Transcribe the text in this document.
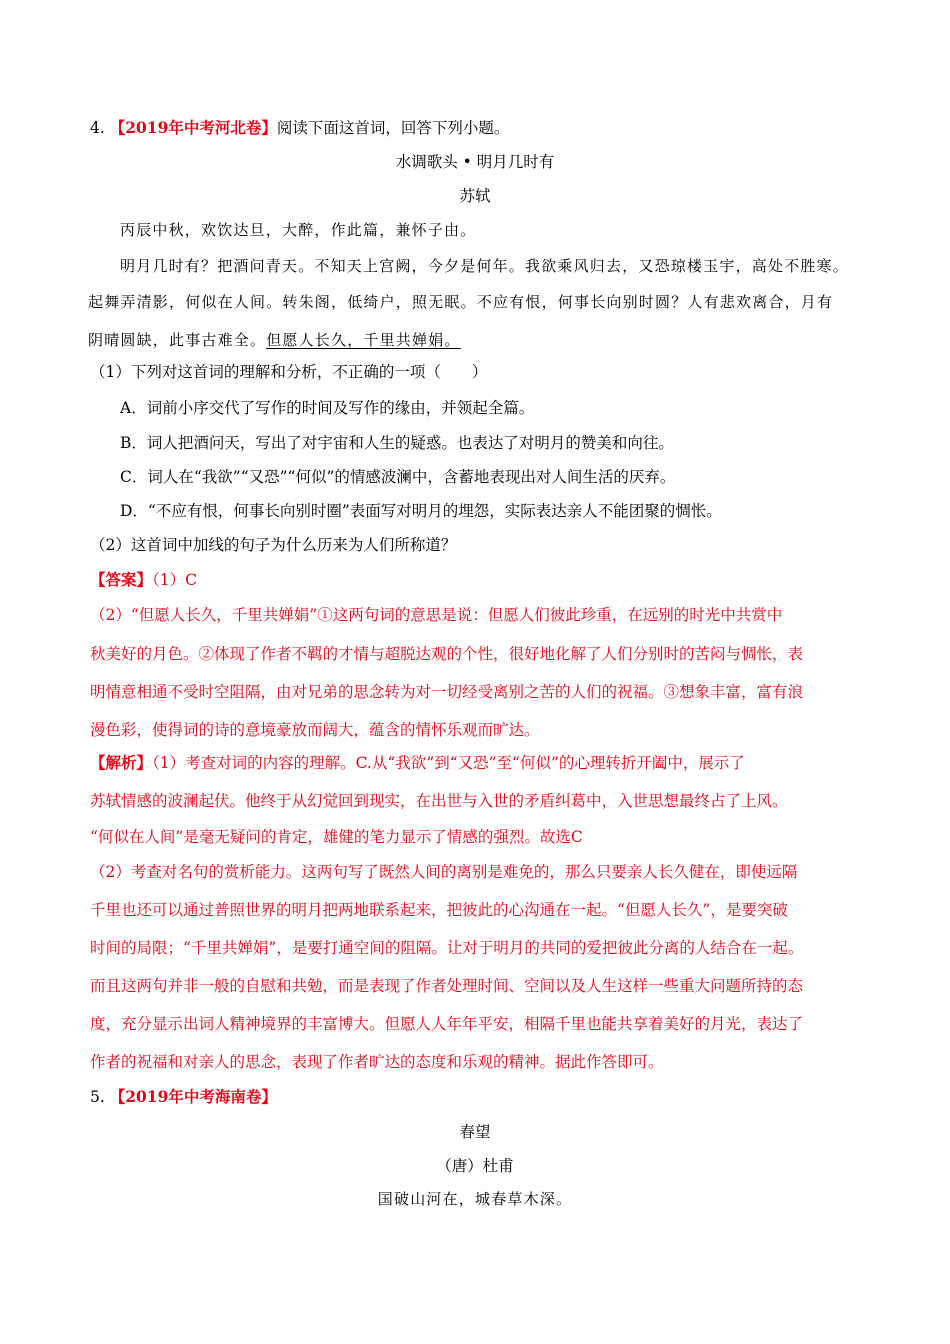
4. 【2019年中考河北卷】阅读下面这首词，回答下列小题。
水调歌头 • 明月几时有
苏轼
丙辰中秋，欢饮达旦，大醉，作此篇，兼怀子由。
明月几时有？把酒问青天。不知天上宫阙，今夕是何年。我欲乘风归去，又恐琼楼玉宇，高处不胜寒。
起舞弄清影，何似在人间。转朱阁，低绮户，照无眠。不应有恨，何事长向别时圆？人有悲欢离合，月有
阴晴圆缺，此事古难全。但愿人长久，千里共婵娟。
（1）下列对这首词的理解和分析，不正确的一项（　　）
A．词前小序交代了写作的时间及写作的缘由，并领起全篇。
B．词人把酒问天，写出了对宇宙和人生的疑惑。也表达了对明月的赞美和向往。
C．词人在“我欲”“又恐”“何似”的情感波澜中，含蓄地表现出对人间生活的厌弃。
D．“不应有恨，何事长向别时圈”表面写对明月的埋怨，实际表达亲人不能团聚的惆怅。
（2）这首词中加线的句子为什么历来为人们所称道？
【答案】（1）C
（2）“但愿人长久，千里共婵娟”①这两句词的意思是说：但愿人们彼此珍重，在远别的时光中共赏中
秋美好的月色。②体现了作者不羁的才情与超脱达观的个性，很好地化解了人们分别时的苦闷与惆怅，表
明情意相通不受时空阻隔，由对兄弟的思念转为对一切经受离别之苦的人们的祝福。③想象丰富，富有浪
漫色彩，使得词的诗的意境豪放而阔大，蕴含的情怀乐观而旷达。
【解析】（1）考查对词的内容的理解。C.从“我欲”到“又恐”至“何似”的心理转折开阖中，展示了
苏轼情感的波澜起伏。他终于从幻觉回到现实，在出世与入世的矛盾纠葛中，入世思想最终占了上风。
“何似在人间”是毫无疑问的肯定，雄健的笔力显示了情感的强烈。故选C
（2）考查对名句的赏析能力。这两句写了既然人间的离别是难免的，那么只要亲人长久健在，即使远隔
千里也还可以通过普照世界的明月把两地联系起来，把彼此的心沟通在一起。“但愿人长久”，是要突破
时间的局限；“千里共婵娟”，是要打通空间的阻隔。让对于明月的共同的爱把彼此分离的人结合在一起。
而且这两句并非一般的自慰和共勉，而是表现了作者处理时间、空间以及人生这样一些重大问题所持的态
度，充分显示出词人精神境界的丰富博大。但愿人人年年平安，相隔千里也能共享着美好的月光，表达了
作者的祝福和对亲人的思念，表现了作者旷达的态度和乐观的精神。据此作答即可。
5. 【2019年中考海南卷】
春望
（唐）杜甫
国破山河在，城春草木深。
